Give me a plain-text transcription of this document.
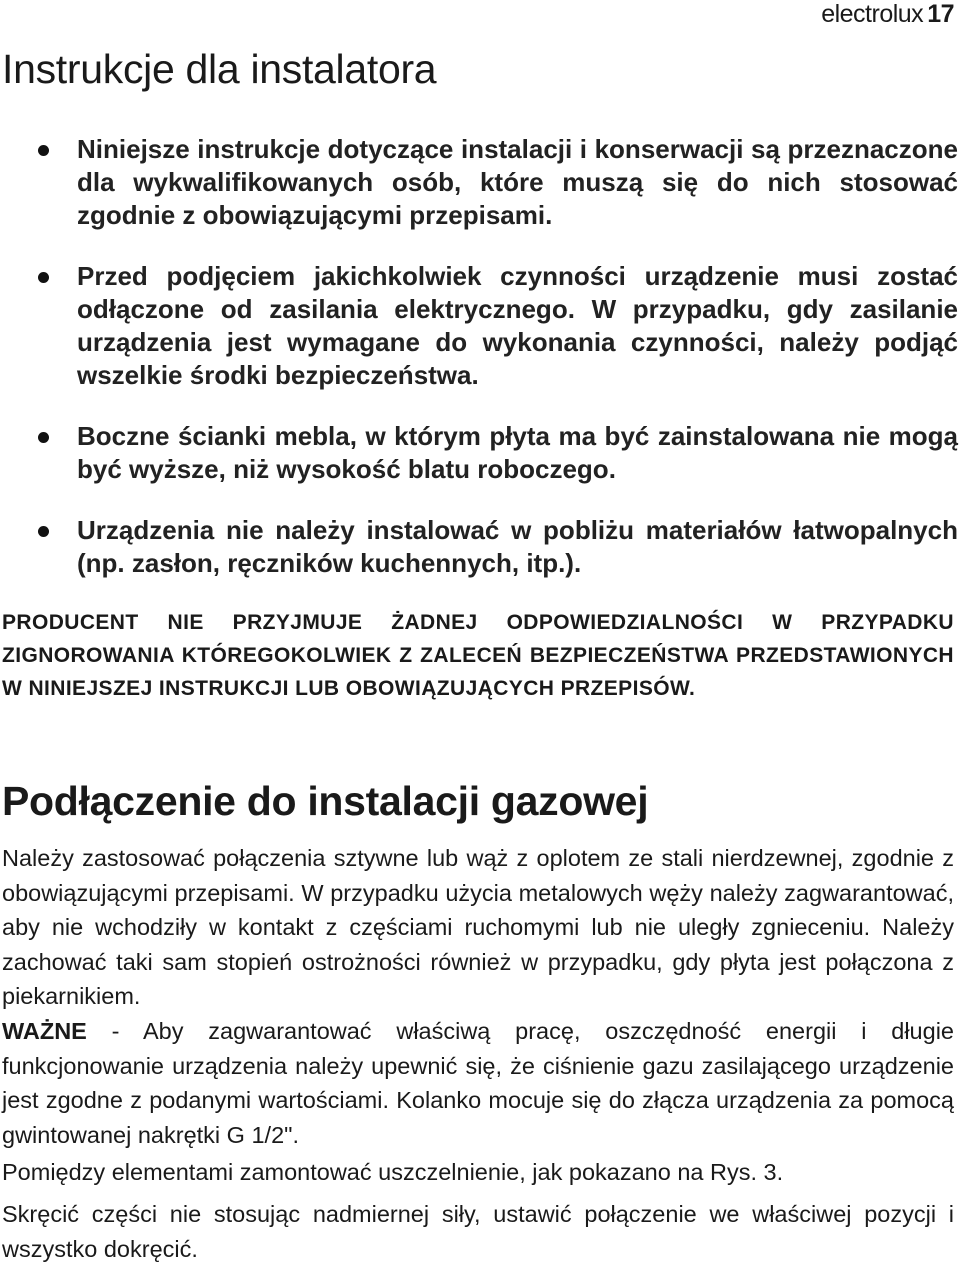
electrolux 17
Instrukcje dla instalatora
Niniejsze instrukcje dotyczące instalacji i konserwacji są przeznaczone dla wykwalifikowanych osób, które muszą się do nich stosować zgodnie z obowiązującymi przepisami.
Przed podjęciem jakichkolwiek czynności urządzenie musi zostać odłączone od zasilania elektrycznego. W przypadku, gdy zasilanie urządzenia jest wymagane do wykonania czynności, należy podjąć wszelkie środki bezpieczeństwa.
Boczne ścianki mebla, w którym płyta ma być zainstalowana nie mogą być wyższe, niż wysokość blatu roboczego.
Urządzenia nie należy instalować w pobliżu materiałów łatwopalnych (np. zasłon, ręczników kuchennych, itp.).

PRODUCENT NIE PRZYJMUJE ŻADNEJ ODPOWIEDZIALNOŚCI W PRZYPADKU ZIGNOROWANIA KTÓREGOKOLWIEK Z ZALECEŃ BEZPIECZEŃSTWA PRZEDSTAWIONYCH W NINIEJSZEJ INSTRUKCJI LUB OBOWIĄZUJĄCYCH PRZEPISÓW.

Podłączenie do instalacji gazowej

Należy zastosować połączenia sztywne lub wąż z oplotem ze stali nierdzewnej, zgodnie z obowiązującymi przepisami. W przypadku użycia metalowych węży należy zagwarantować, aby nie wchodziły w kontakt z częściami ruchomymi lub nie uległy zgnieceniu. Należy zachować taki sam stopień ostrożności również w przypadku, gdy płyta jest połączona z piekarnikiem.

WAŻNE - Aby zagwarantować właściwą pracę, oszczędność energii i długie funkcjonowanie urządzenia należy upewnić się, że ciśnienie gazu zasilającego urządzenie jest zgodne z podanymi wartościami. Kolanko mocuje się do złącza urządzenia za pomocą gwintowanej nakrętki G 1/2".

Pomiędzy elementami zamontować uszczelnienie, jak pokazano na Rys. 3.

Skręcić części nie stosując nadmiernej siły, ustawić połączenie we właściwej pozycji i wszystko dokręcić.
